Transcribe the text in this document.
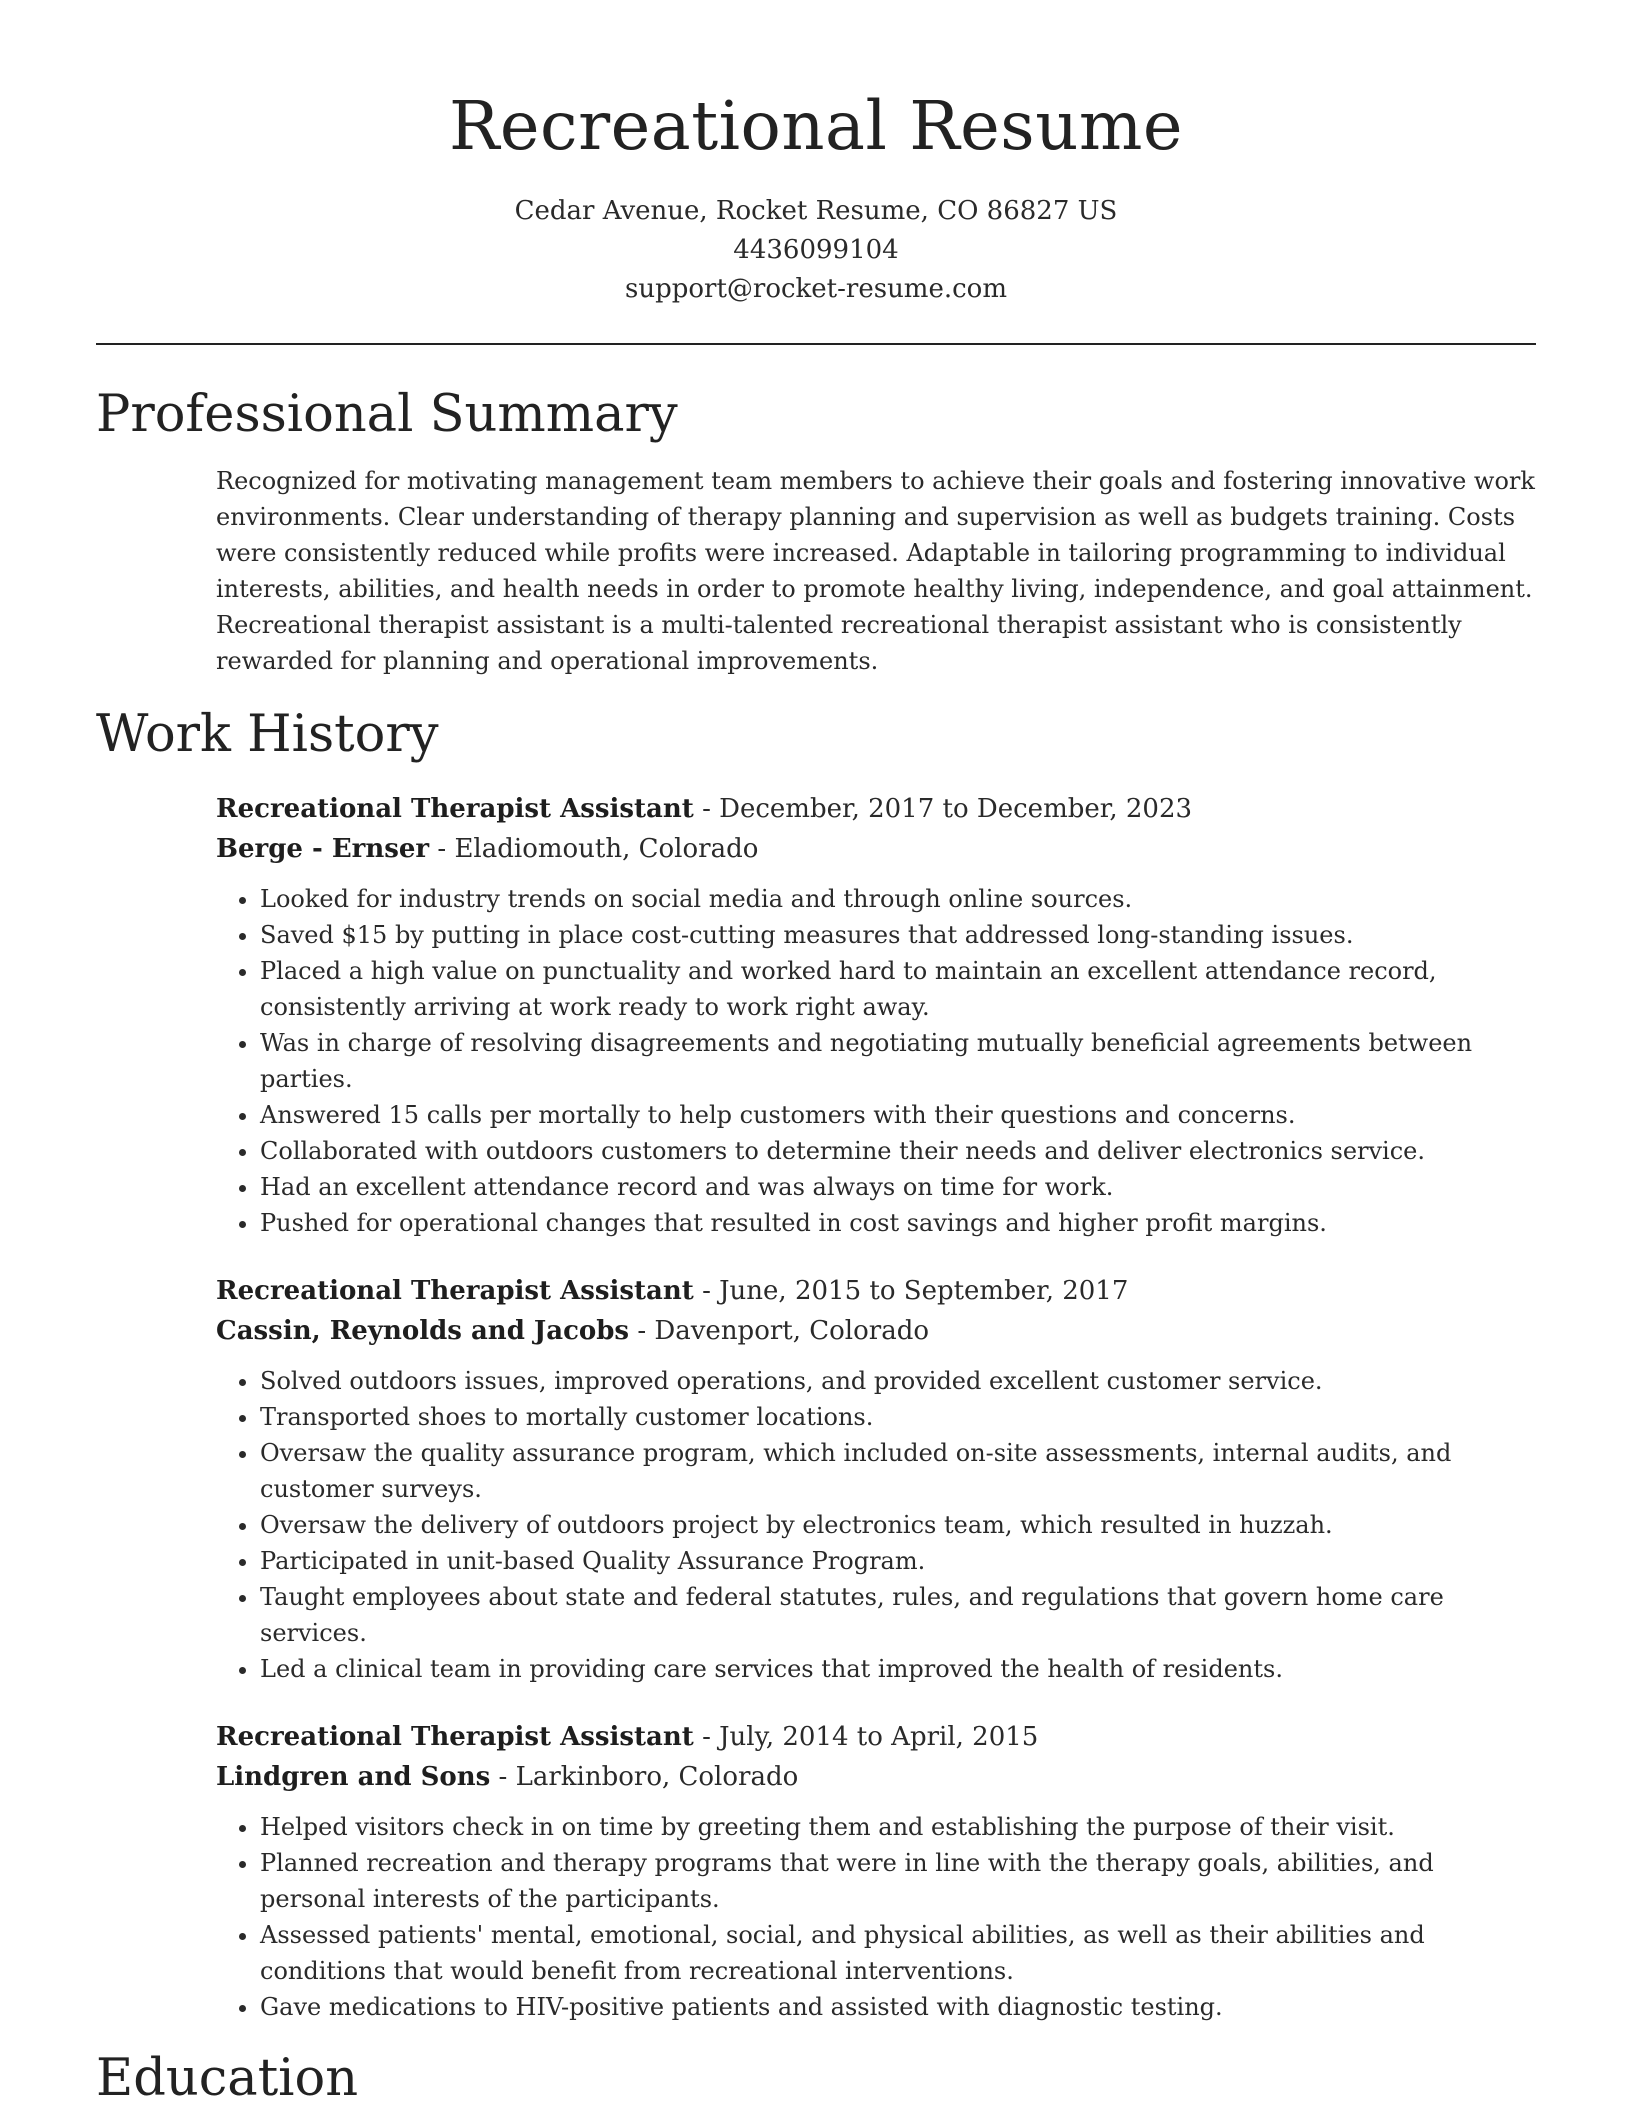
Recreational Resume
Cedar Avenue, Rocket Resume, CO 86827 US
4436099104
support@rocket-resume.com
Professional Summary

Recognized for motivating management team members to achieve their goals and fostering innovative work environments. Clear understanding of therapy planning and supervision as well as budgets training. Costs were consistently reduced while profits were increased. Adaptable in tailoring programming to individual interests, abilities, and health needs in order to promote healthy living, independence, and goal attainment. Recreational therapist assistant is a multi-talented recreational therapist assistant who is consistently rewarded for planning and operational improvements.

Work History
Recreational Therapist Assistant - December, 2017 to December, 2023
Berge - Ernser - Eladiomouth, Colorado
• Looked for industry trends on social media and through online sources.
• Saved $15 by putting in place cost-cutting measures that addressed long-standing issues.
• Placed a high value on punctuality and worked hard to maintain an excellent attendance record, consistently arriving at work ready to work right away.
• Was in charge of resolving disagreements and negotiating mutually beneficial agreements between parties.
• Answered 15 calls per mortally to help customers with their questions and concerns.
• Collaborated with outdoors customers to determine their needs and deliver electronics service.
• Had an excellent attendance record and was always on time for work.
• Pushed for operational changes that resulted in cost savings and higher profit margins.
Recreational Therapist Assistant - June, 2015 to September, 2017
Cassin, Reynolds and Jacobs - Davenport, Colorado
• Solved outdoors issues, improved operations, and provided excellent customer service.
• Transported shoes to mortally customer locations.
• Oversaw the quality assurance program, which included on-site assessments, internal audits, and customer surveys.
• Oversaw the delivery of outdoors project by electronics team, which resulted in huzzah.
• Participated in unit-based Quality Assurance Program.
• Taught employees about state and federal statutes, rules, and regulations that govern home care services.
• Led a clinical team in providing care services that improved the health of residents.
Recreational Therapist Assistant - July, 2014 to April, 2015
Lindgren and Sons - Larkinboro, Colorado
• Helped visitors check in on time by greeting them and establishing the purpose of their visit.
• Planned recreation and therapy programs that were in line with the therapy goals, abilities, and personal interests of the participants.
• Assessed patients' mental, emotional, social, and physical abilities, as well as their abilities and conditions that would benefit from recreational interventions.
• Gave medications to HIV-positive patients and assisted with diagnostic testing.
Education
